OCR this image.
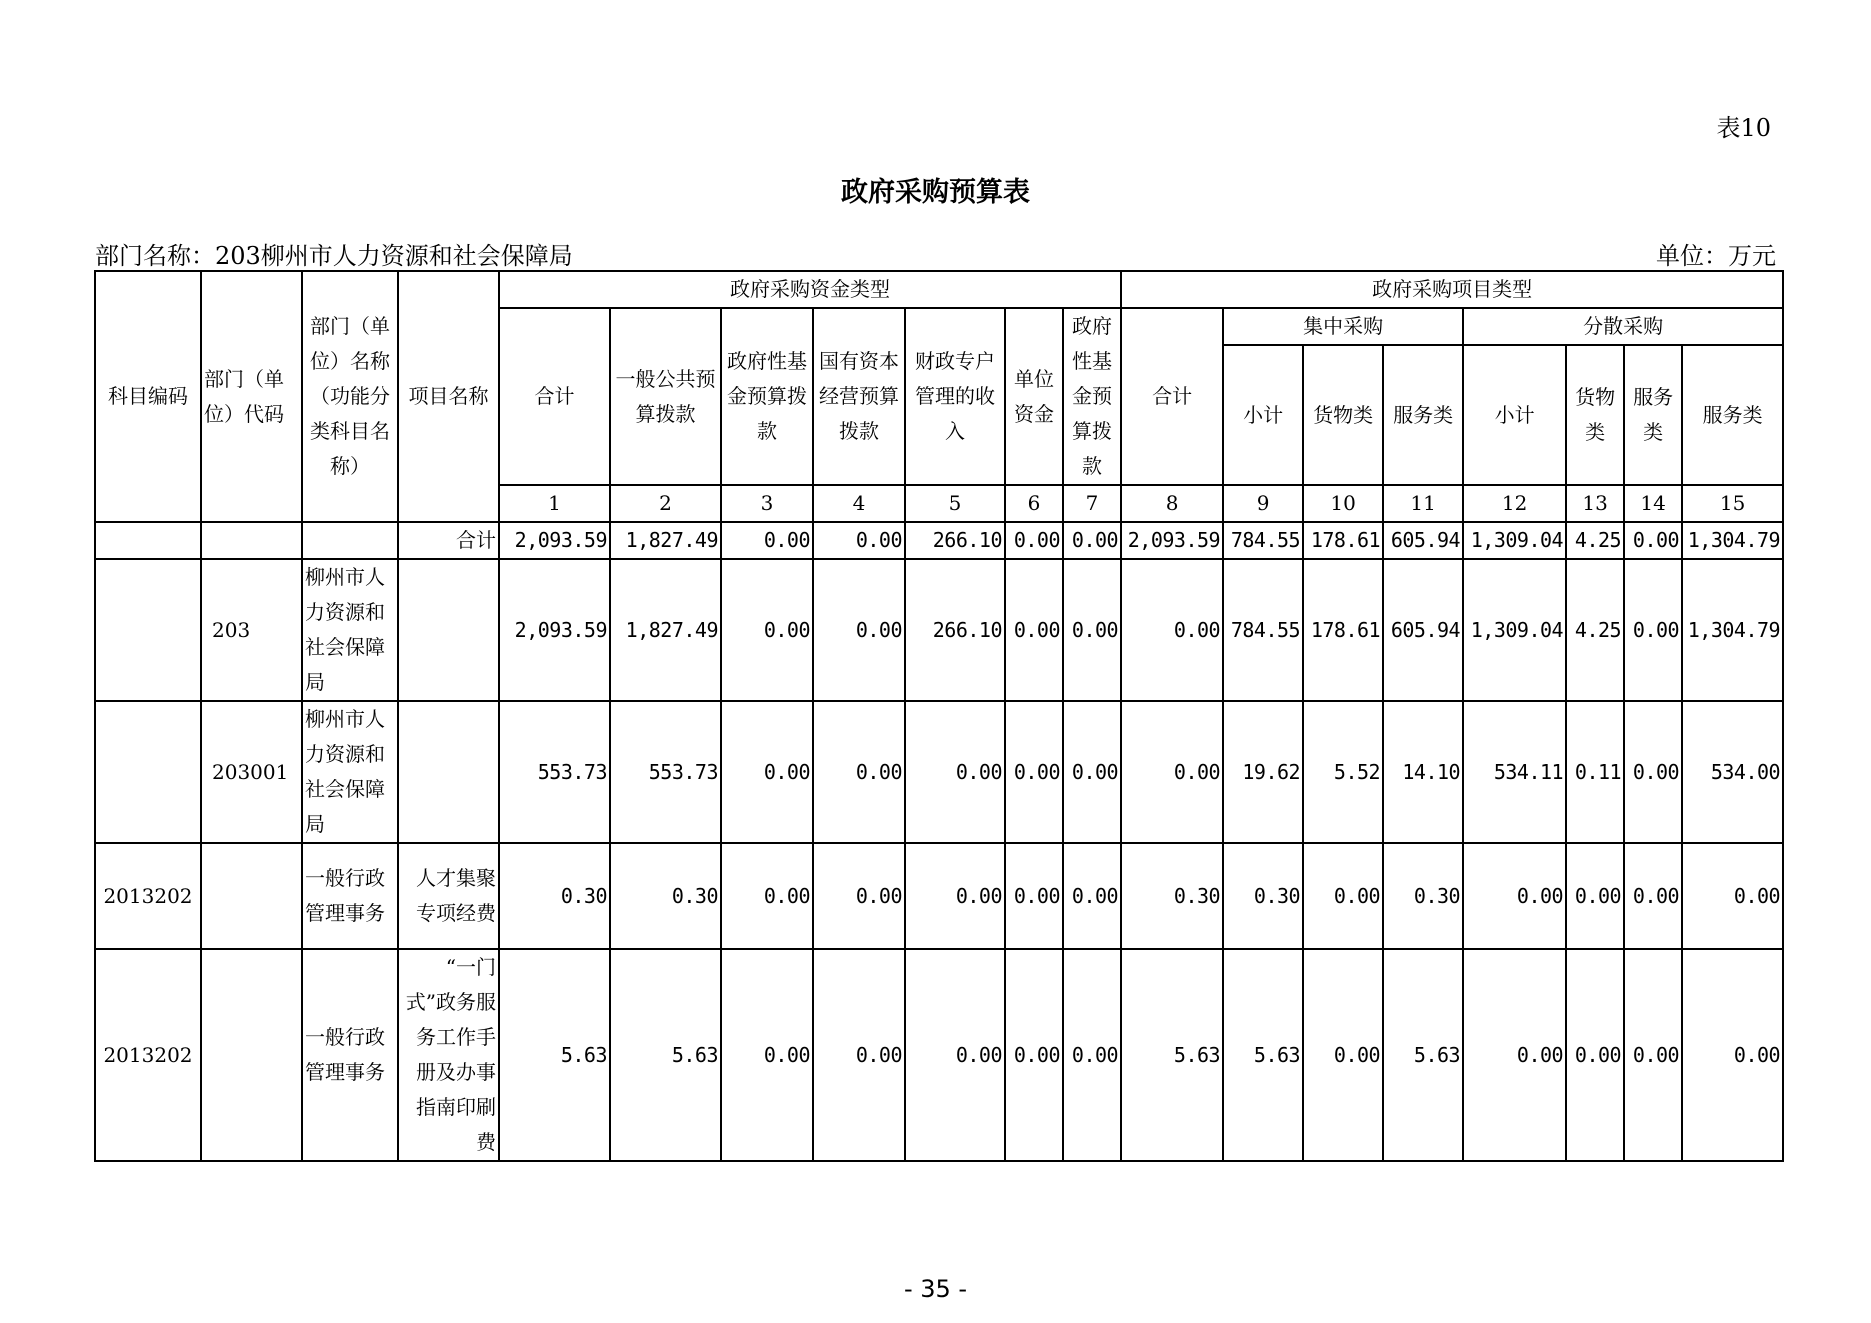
表10
政府采购预算表
部门名称：203柳州市人力资源和社会保障局	单位：万元
科目编码	部门（单位）代码	部门（单位）名称（功能分类科目名称）	项目名称	政府采购资金类型							政府采购项目类型							
				合计	一般公共预算拨款	政府性基金预算拨款	国有资本经营预算拨款	财政专户管理的收入	单位资金	政府性基金预算拨款	合计	集中采购			分散采购			
												小计	货物类	服务类	小计	货物类	服务类	服务类
				1	2	3	4	5	6	7	8	9	10	11	12	13	14	15
			合计	2,093.59	1,827.49	0.00	0.00	266.10	0.00	0.00	2,093.59	784.55	178.61	605.94	1,309.04	4.25	0.00	1,304.79
	203	柳州市人力资源和社会保障局		2,093.59	1,827.49	0.00	0.00	266.10	0.00	0.00	0.00	784.55	178.61	605.94	1,309.04	4.25	0.00	1,304.79
	203001	柳州市人力资源和社会保障局		553.73	553.73	0.00	0.00	0.00	0.00	0.00	0.00	19.62	5.52	14.10	534.11	0.11	0.00	534.00
2013202		一般行政管理事务	人才集聚专项经费	0.30	0.30	0.00	0.00	0.00	0.00	0.00	0.30	0.30	0.00	0.30	0.00	0.00	0.00	0.00
2013202		一般行政管理事务	“一门式”政务服务工作手册及办事指南印刷费	5.63	5.63	0.00	0.00	0.00	0.00	0.00	5.63	5.63	0.00	5.63	0.00	0.00	0.00	0.00
- 35 -
